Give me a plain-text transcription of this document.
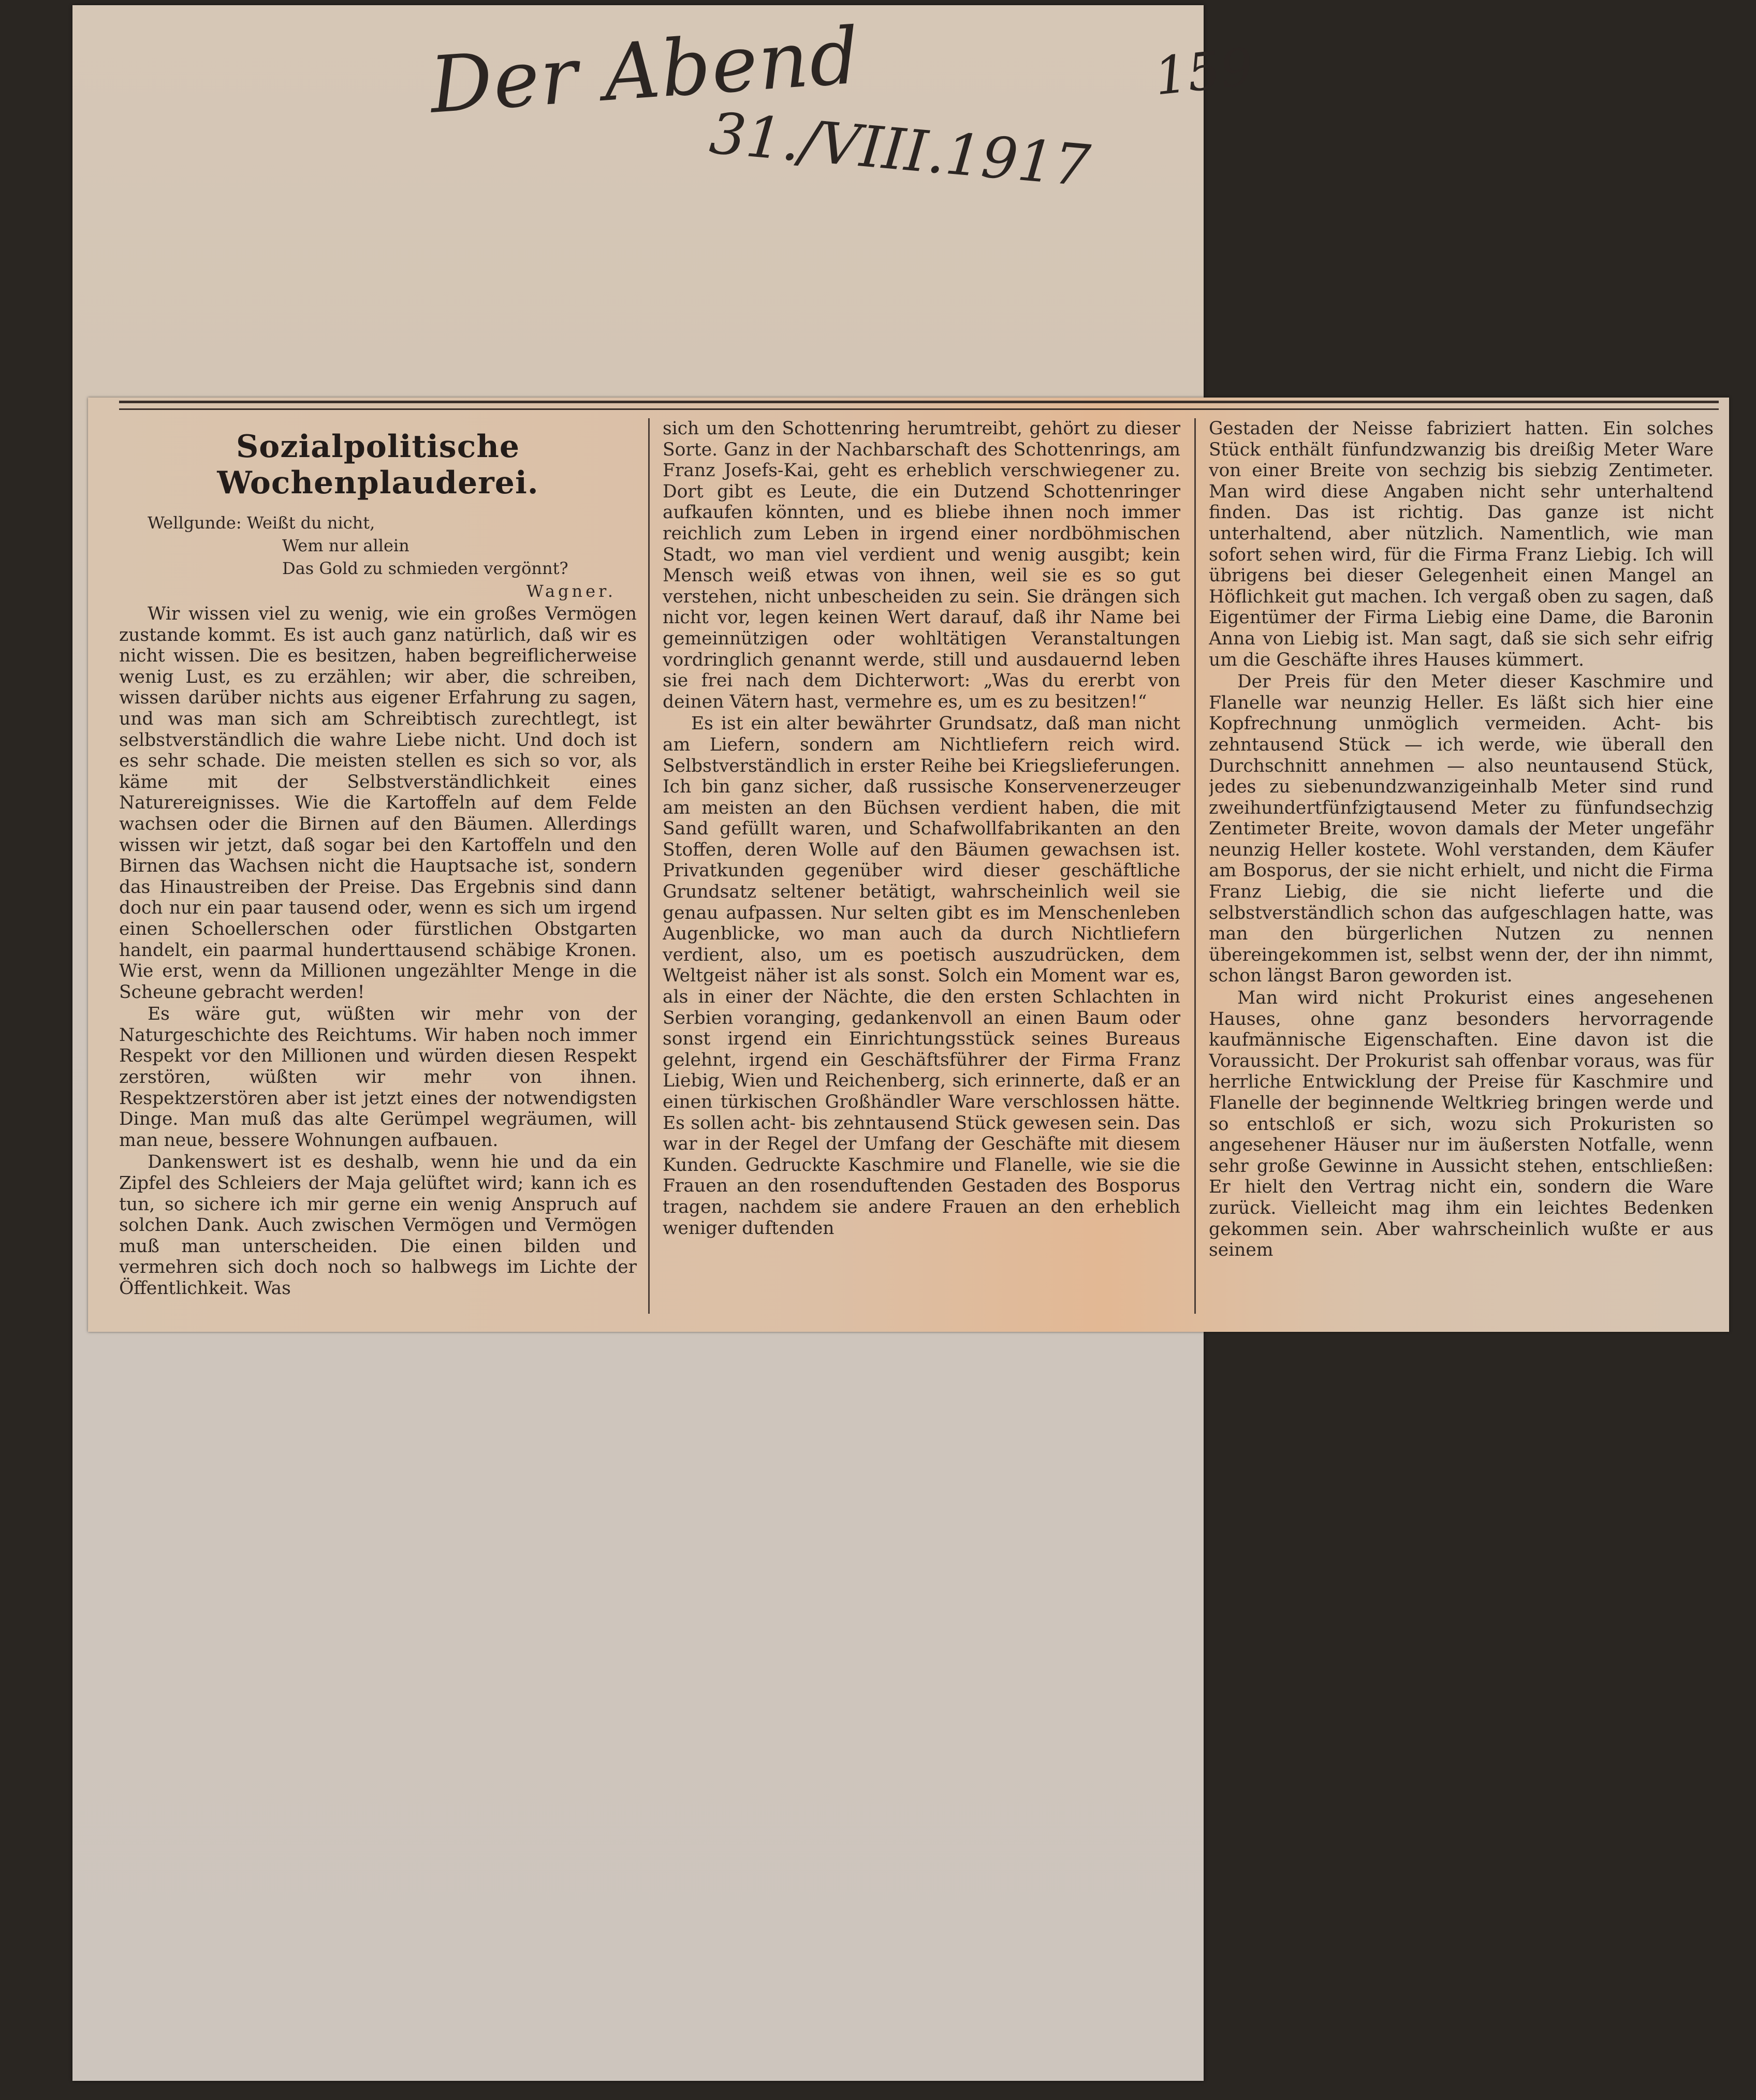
Der Abend
31./VIII.1917
159
Sozialpolitische Wochenplauderei.

Wellgunde: Weißt du nicht,
Wem nur allein
Das Gold zu schmieden vergönnt?
Wagner.

Wir wissen viel zu wenig, wie ein großes Vermögen zustande kommt. Es ist auch ganz natürlich, daß wir es nicht wissen. Die es besitzen, haben begreiflicherweise wenig Lust, es zu erzählen; wir aber, die schreiben, wissen darüber nichts aus eigener Erfahrung zu sagen, und was man sich am Schreibtisch zurechtlegt, ist selbstverständlich die wahre Liebe nicht. Und doch ist es sehr schade. Die meisten stellen es sich so vor, als käme mit der Selbstverständlichkeit eines Naturereignisses. Wie die Kartoffeln auf dem Felde wachsen oder die Birnen auf den Bäumen. Allerdings wissen wir jetzt, daß sogar bei den Kartoffeln und den Birnen das Wachsen nicht die Hauptsache ist, sondern das Hinaustreiben der Preise. Das Ergebnis sind dann doch nur ein paar tausend oder, wenn es sich um irgend einen Schoellerschen oder fürstlichen Obstgarten handelt, ein paarmal hunderttausend schäbige Kronen. Wie erst, wenn da Millionen ungezählter Menge in die Scheune gebracht werden!

Es wäre gut, wüßten wir mehr von der Naturgeschichte des Reichtums. Wir haben noch immer Respekt vor den Millionen und würden diesen Respekt zerstören, wüßten wir mehr von ihnen. Respektzerstören aber ist jetzt eines der notwendigsten Dinge. Man muß das alte Gerümpel wegräumen, will man neue, bessere Wohnungen aufbauen.

Dankenswert ist es deshalb, wenn hie und da ein Zipfel des Schleiers der Maja gelüftet wird; kann ich es tun, so sichere ich mir gerne ein wenig Anspruch auf solchen Dank. Auch zwischen Vermögen und Vermögen muß man unterscheiden. Die einen bilden und vermehren sich doch noch so halbwegs im Lichte der Öffentlichkeit. Was

sich um den Schottenring herumtreibt, gehört zu dieser Sorte. Ganz in der Nachbarschaft des Schottenrings, am Franz Josefs-Kai, geht es erheblich verschwiegener zu. Dort gibt es Leute, die ein Dutzend Schottenringer aufkaufen könnten, und es bliebe ihnen noch immer reichlich zum Leben in irgend einer nordböhmischen Stadt, wo man viel verdient und wenig ausgibt; kein Mensch weiß etwas von ihnen, weil sie es so gut verstehen, nicht unbescheiden zu sein. Sie drängen sich nicht vor, legen keinen Wert darauf, daß ihr Name bei gemeinnützigen oder wohltätigen Veranstaltungen vordringlich genannt werde, still und ausdauernd leben sie frei nach dem Dichterwort: „Was du ererbt von deinen Vätern hast, vermehre es, um es zu besitzen!“

Es ist ein alter bewährter Grundsatz, daß man nicht am Liefern, sondern am Nichtliefern reich wird. Selbstverständlich in erster Reihe bei Kriegslieferungen. Ich bin ganz sicher, daß russische Konservenerzeuger am meisten an den Büchsen verdient haben, die mit Sand gefüllt waren, und Schafwollfabrikanten an den Stoffen, deren Wolle auf den Bäumen gewachsen ist. Privatkunden gegenüber wird dieser geschäftliche Grundsatz seltener betätigt, wahrscheinlich weil sie genau aufpassen. Nur selten gibt es im Menschenleben Augenblicke, wo man auch da durch Nichtliefern verdient, also, um es poetisch auszudrücken, dem Weltgeist näher ist als sonst. Solch ein Moment war es, als in einer der Nächte, die den ersten Schlachten in Serbien voranging, gedankenvoll an einen Baum oder sonst irgend ein Einrichtungsstück seines Bureaus gelehnt, irgend ein Geschäftsführer der Firma Franz Liebig, Wien und Reichenberg, sich erinnerte, daß er an einen türkischen Großhändler Ware verschlossen hätte. Es sollen acht- bis zehntausend Stück gewesen sein. Das war in der Regel der Umfang der Geschäfte mit diesem Kunden. Gedruckte Kaschmire und Flanelle, wie sie die Frauen an den rosenduftenden Gestaden des Bosporus tragen, nachdem sie andere Frauen an den erheblich weniger duftenden

Gestaden der Neisse fabriziert hatten. Ein solches Stück enthält fünfundzwanzig bis dreißig Meter Ware von einer Breite von sechzig bis siebzig Zentimeter. Man wird diese Angaben nicht sehr unterhaltend finden. Das ist richtig. Das ganze ist nicht unterhaltend, aber nützlich. Namentlich, wie man sofort sehen wird, für die Firma Franz Liebig. Ich will übrigens bei dieser Gelegenheit einen Mangel an Höflichkeit gut machen. Ich vergaß oben zu sagen, daß Eigentümer der Firma Liebig eine Dame, die Baronin Anna von Liebig ist. Man sagt, daß sie sich sehr eifrig um die Geschäfte ihres Hauses kümmert.

Der Preis für den Meter dieser Kaschmire und Flanelle war neunzig Heller. Es läßt sich hier eine Kopfrechnung unmöglich vermeiden. Acht- bis zehntausend Stück — ich werde, wie überall den Durchschnitt annehmen — also neuntausend Stück, jedes zu siebenundzwanzigeinhalb Meter sind rund zweihundertfünfzigtausend Meter zu fünfundsechzig Zentimeter Breite, wovon damals der Meter ungefähr neunzig Heller kostete. Wohl verstanden, dem Käufer am Bosporus, der sie nicht erhielt, und nicht die Firma Franz Liebig, die sie nicht lieferte und die selbstverständlich schon das aufgeschlagen hatte, was man den bürgerlichen Nutzen zu nennen übereingekommen ist, selbst wenn der, der ihn nimmt, schon längst Baron geworden ist.

Man wird nicht Prokurist eines angesehenen Hauses, ohne ganz besonders hervorragende kaufmännische Eigenschaften. Eine davon ist die Voraussicht. Der Prokurist sah offenbar voraus, was für herrliche Entwicklung der Preise für Kaschmire und Flanelle der beginnende Weltkrieg bringen werde und so entschloß er sich, wozu sich Prokuristen so angesehener Häuser nur im äußersten Notfalle, wenn sehr große Gewinne in Aussicht stehen, entschließen: Er hielt den Vertrag nicht ein, sondern die Ware zurück. Vielleicht mag ihm ein leichtes Bedenken gekommen sein. Aber wahrscheinlich wußte er aus seinem
